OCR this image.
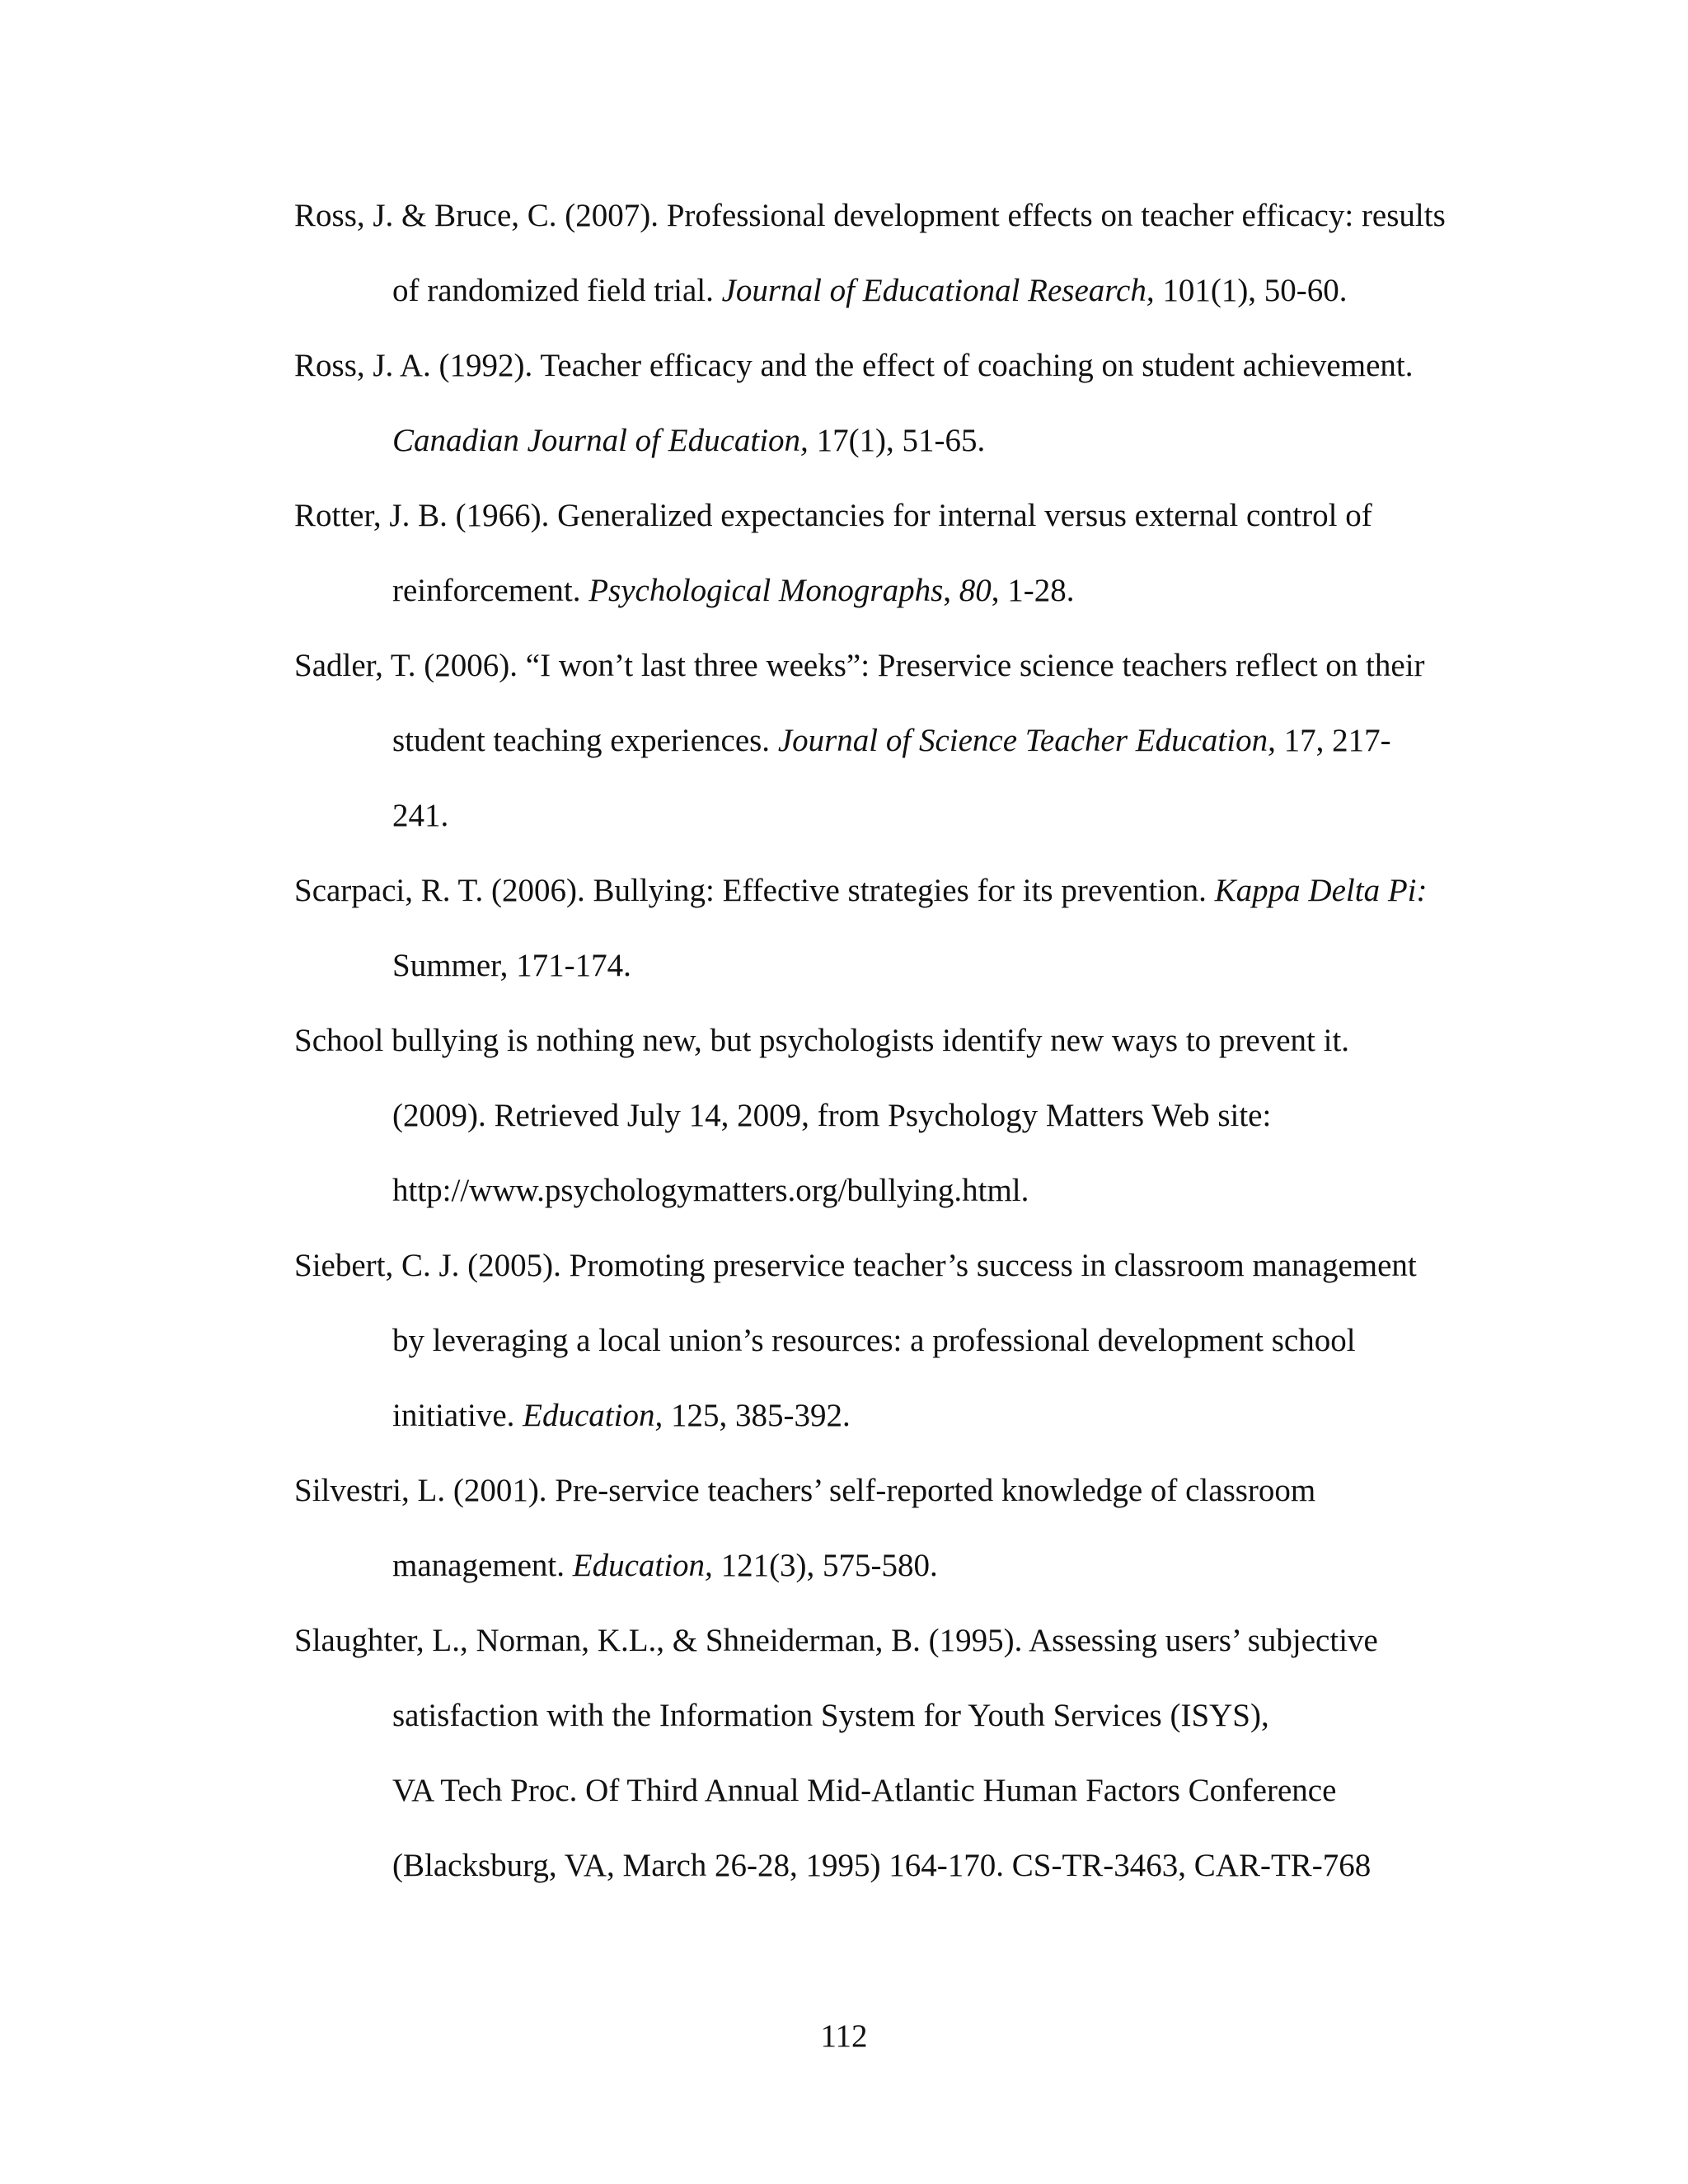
Ross, J. & Bruce, C. (2007). Professional development effects on teacher efficacy: results
of randomized field trial. Journal of Educational Research, 101(1), 50-60.
Ross, J. A. (1992). Teacher efficacy and the effect of coaching on student achievement.
Canadian Journal of Education, 17(1), 51-65.
Rotter, J. B. (1966). Generalized expectancies for internal versus external control of
reinforcement. Psychological Monographs, 80, 1-28.
Sadler, T. (2006). “I won’t last three weeks”: Preservice science teachers reflect on their
student teaching experiences. Journal of Science Teacher Education, 17, 217-
241.
Scarpaci, R. T. (2006). Bullying: Effective strategies for its prevention. Kappa Delta Pi:
Summer, 171-174.
School bullying is nothing new, but psychologists identify new ways to prevent it.
(2009). Retrieved July 14, 2009, from Psychology Matters Web site:
http://www.psychologymatters.org/bullying.html.
Siebert, C. J. (2005). Promoting preservice teacher’s success in classroom management
by leveraging a local union’s resources: a professional development school
initiative. Education, 125, 385-392.
Silvestri, L. (2001). Pre-service teachers’ self-reported knowledge of classroom
management. Education, 121(3), 575-580.
Slaughter, L., Norman, K.L., & Shneiderman, B. (1995). Assessing users’ subjective
satisfaction with the Information System for Youth Services (ISYS),
VA Tech Proc. Of Third Annual Mid-Atlantic Human Factors Conference
(Blacksburg, VA, March 26-28, 1995) 164-170. CS-TR-3463, CAR-TR-768
112
